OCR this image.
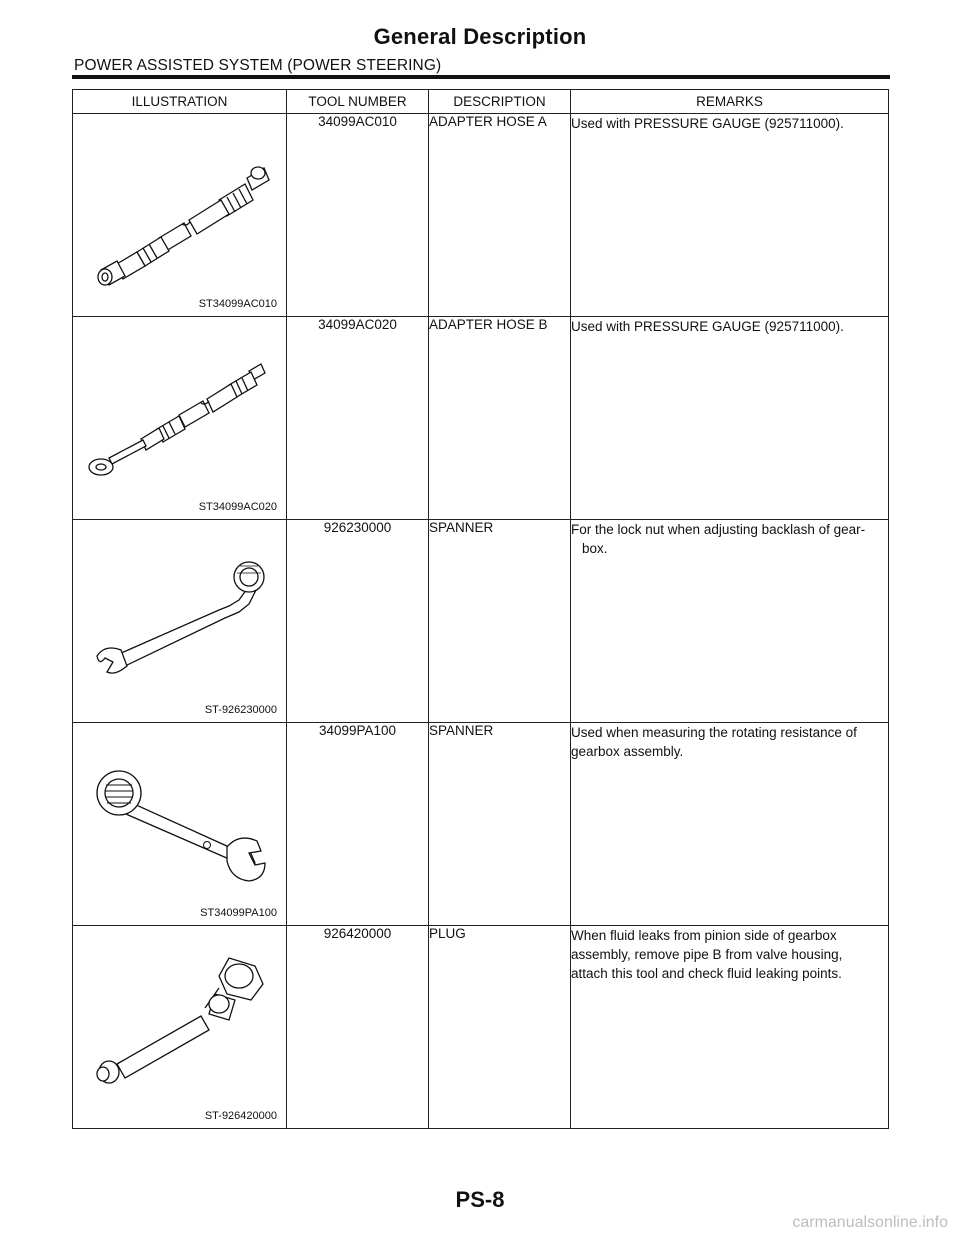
General Description
POWER ASSISTED SYSTEM (POWER STEERING)
ILLUSTRATION	TOOL NUMBER	DESCRIPTION	REMARKS

ST34099AC010	34099AC010	ADAPTER HOSE A	Used with PRESSURE GAUGE (925711000).

ST34099AC020	34099AC020	ADAPTER HOSE B	Used with PRESSURE GAUGE (925711000).

ST-926230000	926230000	SPANNER	For the lock nut when adjusting backlash of gear-
box.

ST34099PA100	34099PA100	SPANNER	Used when measuring the rotating resistance of
gearbox assembly.

ST-926420000	926420000	PLUG	When fluid leaks from pinion side of gearbox
assembly, remove pipe B from valve housing,
attach this tool and check fluid leaking points.
PS-8
carmanualsonline.info
